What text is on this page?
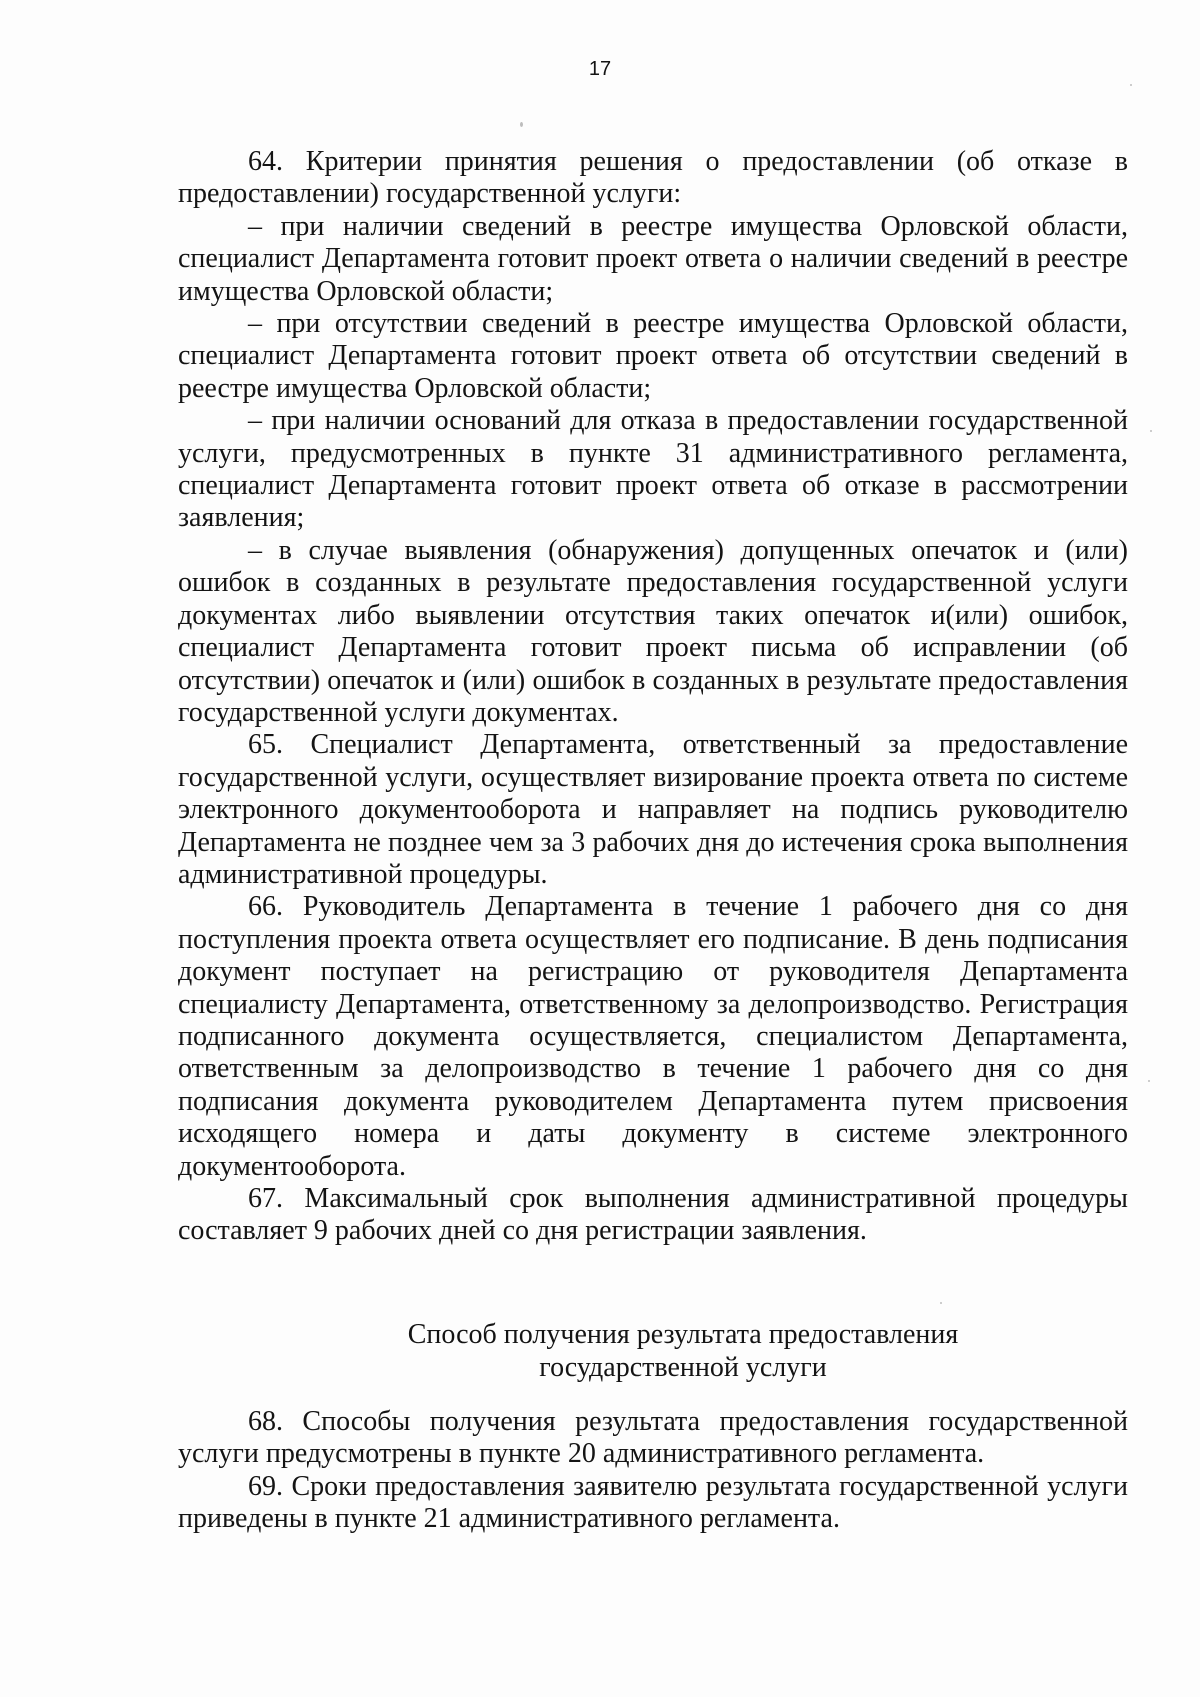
17

64. Критерии принятия решения о предоставлении (об отказе в предоставлении) государственной услуги:

– при наличии сведений в реестре имущества Орловской области, специалист Департамента готовит проект ответа о наличии сведений в реестре имущества Орловской области;

– при отсутствии сведений в реестре имущества Орловской области, специалист Департамента готовит проект ответа об отсутствии сведений в реестре имущества Орловской области;

– при наличии оснований для отказа в предоставлении государственной услуги, предусмотренных в пункте 31 административного регламента, специалист Департамента готовит проект ответа об отказе в рассмотрении заявления;

– в случае выявления (обнаружения) допущенных опечаток и (или) ошибок в созданных в результате предоставления государственной услуги документах либо выявлении отсутствия таких опечаток и(или) ошибок, специалист Департамента готовит проект письма об исправлении (об отсутствии) опечаток и (или) ошибок в созданных в результате предоставления государственной услуги документах.

65. Специалист Департамента, ответственный за предоставление государственной услуги, осуществляет визирование проекта ответа по системе электронного документооборота и направляет на подпись руководителю Департамента не позднее чем за 3 рабочих дня до истечения срока выполнения административной процедуры.

66. Руководитель Департамента в течение 1 рабочего дня со дня поступления проекта ответа осуществляет его подписание. В день подписания документ поступает на регистрацию от руководителя Департамента специалисту Департамента, ответственному за делопроизводство. Регистрация подписанного документа осуществляется, специалистом Департамента, ответственным за делопроизводство в течение 1 рабочего дня со дня подписания документа руководителем Департамента путем присвоения исходящего номера и даты документу в системе электронного документооборота.

67. Максимальный срок выполнения административной процедуры составляет 9 рабочих дней со дня регистрации заявления.

Способ получения результата предоставления
государственной услуги

68. Способы получения результата предоставления государственной услуги предусмотрены в пункте 20 административного регламента.

69. Сроки предоставления заявителю результата государственной услуги приведены в пункте 21 административного регламента.
